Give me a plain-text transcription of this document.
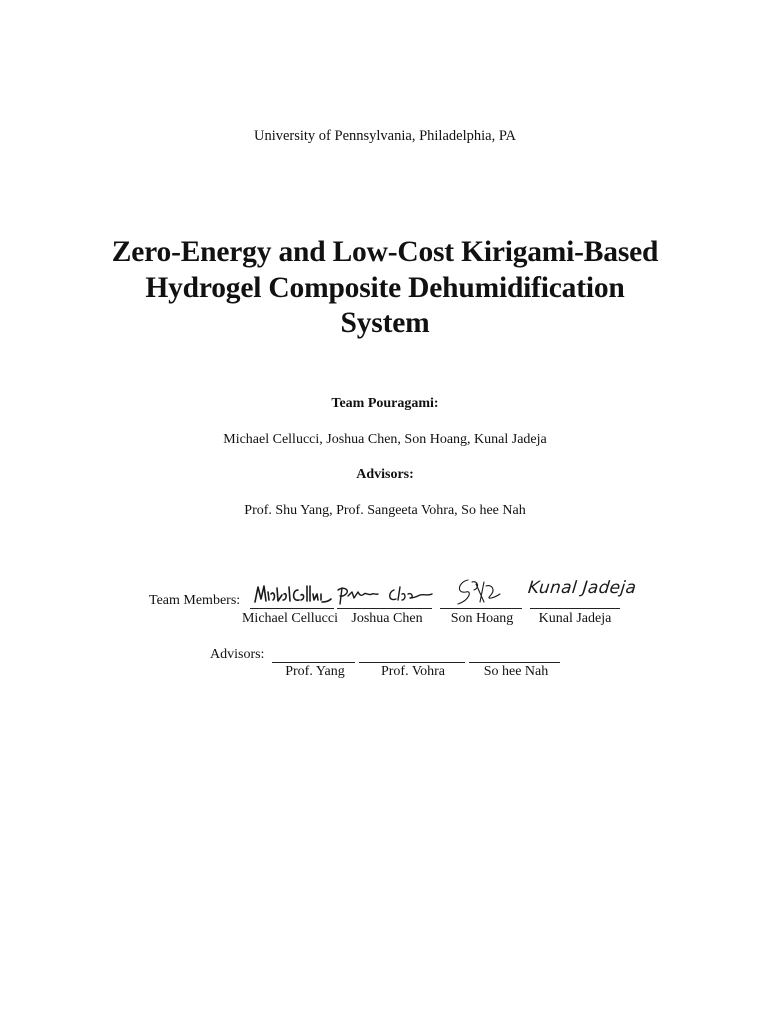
University of Pennsylvania, Philadelphia, PA
Zero-Energy and Low-Cost Kirigami-Based
Hydrogel Composite Dehumidification
System
Team Pouragami:
Michael Cellucci, Joshua Chen, Son Hoang, Kunal Jadeja
Advisors:
Prof. Shu Yang, Prof. Sangeeta Vohra, So hee Nah
Team Members:
Kunal Jadeja
Michael Cellucci Joshua Chen	Son Hoang	Kunal Jadeja
Advisors:
Prof. Yang	Prof. Vohra	So hee Nah
